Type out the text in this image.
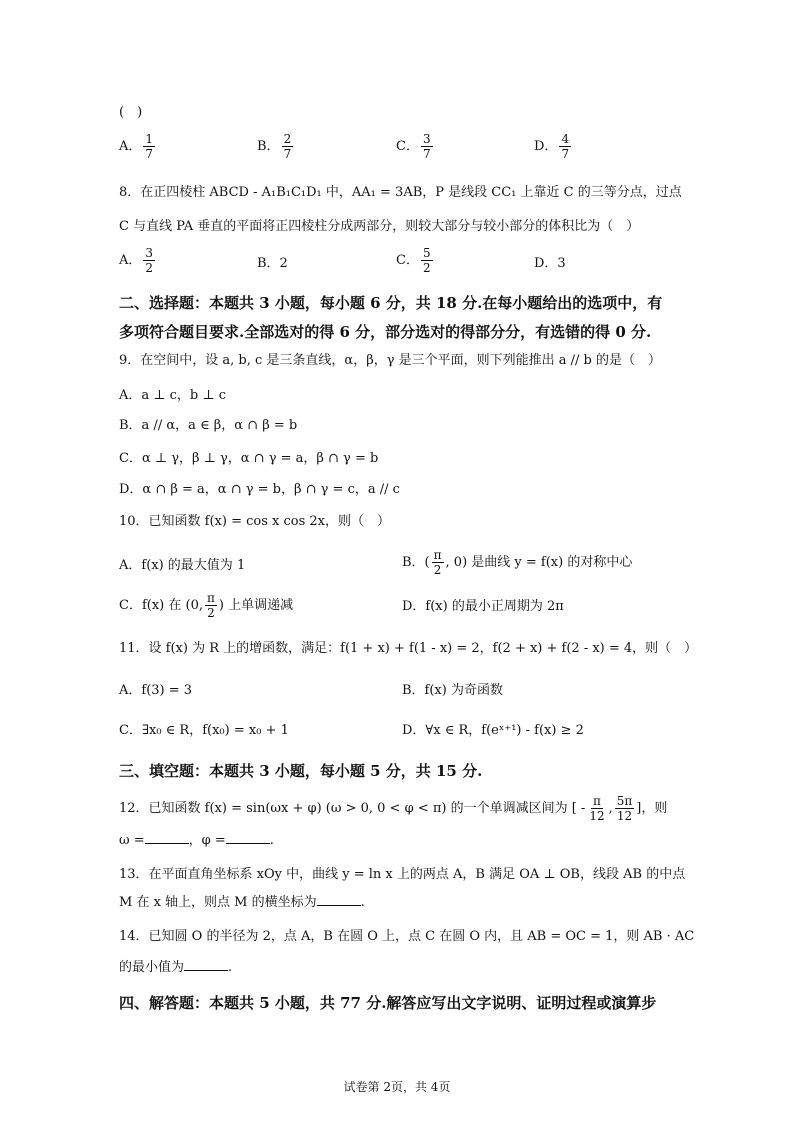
(　)
A． $\frac{1}{7}$	B． $\frac{2}{7}$	C． $\frac{3}{7}$	D． $\frac{4}{7}$
8．在正四棱柱 ABCD - A₁B₁C₁D₁ 中，AA₁ = 3AB，P 是线段 CC₁ 上靠近 C 的三等分点，过点
C 与直线 PA 垂直的平面将正四棱柱分成两部分，则较大部分与较小部分的体积比为（　）
A． $\frac{3}{2}$	B．2	C． $\frac{5}{2}$	D．3
二、选择题：本题共 3 小题，每小题 6 分，共 18 分.在每小题给出的选项中，有
多项符合题目要求.全部选对的得 6 分，部分选对的得部分分，有选错的得 0 分.
9．在空间中，设 a, b, c 是三条直线，α，β，γ 是三个平面，则下列能推出 a // b 的是（　）
A．a ⊥ c，b ⊥ c
B．a // α，a ∈ β，α ∩ β = b
C．α ⊥ γ，β ⊥ γ，α ∩ γ = a，β ∩ γ = b
D．α ∩ β = a，α ∩ γ = b，β ∩ γ = c，a // c
10．已知函数 f(x) = cos x cos 2x，则（　）
A．f(x) 的最大值为 1	B．( $\frac{\pi}{2}$ , 0) 是曲线 y = f(x) 的对称中心
C．f(x) 在 (0, $\frac{\pi}{2}$ ) 上单调递减	D．f(x) 的最小正周期为 2π
11．设 f(x) 为 R 上的增函数，满足：f(1 + x) + f(1 - x) = 2，f(2 + x) + f(2 - x) = 4，则（　）
A．f(3) = 3	B．f(x) 为奇函数
C．∃x₀ ∈ R，f(x₀) = x₀ + 1	D．∀x ∈ R，f(eˣ⁺¹) - f(x) ≥ 2
三、填空题：本题共 3 小题，每小题 5 分，共 15 分.
12．已知函数 f(x) = sin(ωx + φ) (ω > 0, 0 < φ < π) 的一个单调减区间为 [ - $\frac{\pi}{12}$ , $\frac{5\pi}{12}$ ]，则
ω =	，φ =	.
13．在平面直角坐标系 xOy 中，曲线 y = ln x 上的两点 A，B 满足 OA ⊥ OB，线段 AB 的中点
M 在 x 轴上，则点 M 的横坐标为	.
14．已知圆 O 的半径为 2，点 A，B 在圆 O 上，点 C 在圆 O 内，且 AB = OC = 1，则 AB · AC
的最小值为	.
四、解答题：本题共 5 小题，共 77 分.解答应写出文字说明、证明过程或演算步
试卷第 2页，共 4页
